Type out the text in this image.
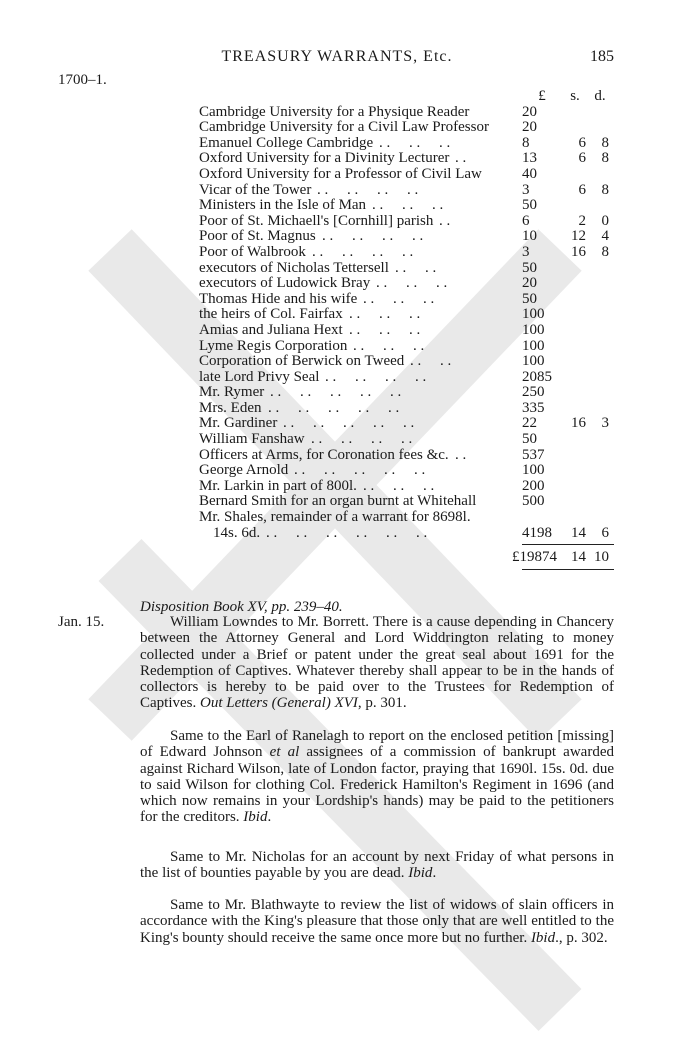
TREASURY WARRANTS, Etc.	185
1700–1.
£	s. d.
Cambridge University for a Physique Reader	20
Cambridge University for a Civil Law Professor 20
Emanuel College Cambridge . .     . .     . .	8	6	8
Oxford University for a Divinity Lecturer . .	13	6	8
Oxford University for a Professor of Civil Law	40
Vicar of the Tower . .     . .     . .     . .	3	6	8
Ministers in the Isle of Man . .     . .     . .	50
Poor of St. Michaell's [Cornhill] parish . .	6	2	0
Poor of St. Magnus . .     . .     . .     . .	10	12	4
Poor of Walbrook . .     . .     . .     . .	3	16	8
executors of Nicholas Tettersell . .     . .	50
executors of Ludowick Bray . .     . .     . .	20
Thomas Hide and his wife . .     . .     . .	50
the heirs of Col. Fairfax . .     . .     . .	100
Amias and Juliana Hext . .     . .     . .	100
Lyme Regis Corporation . .     . .     . .	100
Corporation of Berwick on Tweed . .     . .	100
late Lord Privy Seal . .     . .     . .     . .	2085
Mr. Rymer . .     . .     . .     . .     . .	250
Mrs. Eden . .     . .     . .     . .     . .	335
Mr. Gardiner . .     . .     . .     . .     . .	22	16	3
William Fanshaw . .     . .     . .     . .	50
Officers at Arms, for Coronation fees &c. . .	537
George Arnold . .     . .     . .     . .     . .	100
Mr. Larkin in part of 800l. . .     . .     . .	200
Bernard Smith for an organ burnt at Whitehall	500
Mr. Shales, remainder of a warrant for 8698l.
14s. 6d. . .     . .     . .     . .     . .     . .	4198	14	6
£19874 14 10
Disposition Book XV, pp. 239–40.
Jan. 15.	William Lowndes to Mr. Borrett. There is a cause depending in Chancery between the Attorney General and Lord Widdrington relating to money collected under a Brief or patent under the great seal about 1691 for the Redemption of Captives. Whatever thereby shall appear to be in the hands of collectors is hereby to be paid over to the Trustees for Redemption of Captives. Out Letters (General) XVI, p. 301.

Same to the Earl of Ranelagh to report on the enclosed petition [missing] of Edward Johnson et al assignees of a commission of bankrupt awarded against Richard Wilson, late of London factor, praying that 1690l. 15s. 0d. due to said Wilson for clothing Col. Frederick Hamilton's Regiment in 1696 (and which now remains in your Lordship's hands) may be paid to the petitioners for the creditors. Ibid.

Same to Mr. Nicholas for an account by next Friday of what persons in the list of bounties payable by you are dead. Ibid.

Same to Mr. Blathwayte to review the list of widows of slain officers in accordance with the King's pleasure that those only that are well entitled to the King's bounty should receive the same once more but no further. Ibid., p. 302.
